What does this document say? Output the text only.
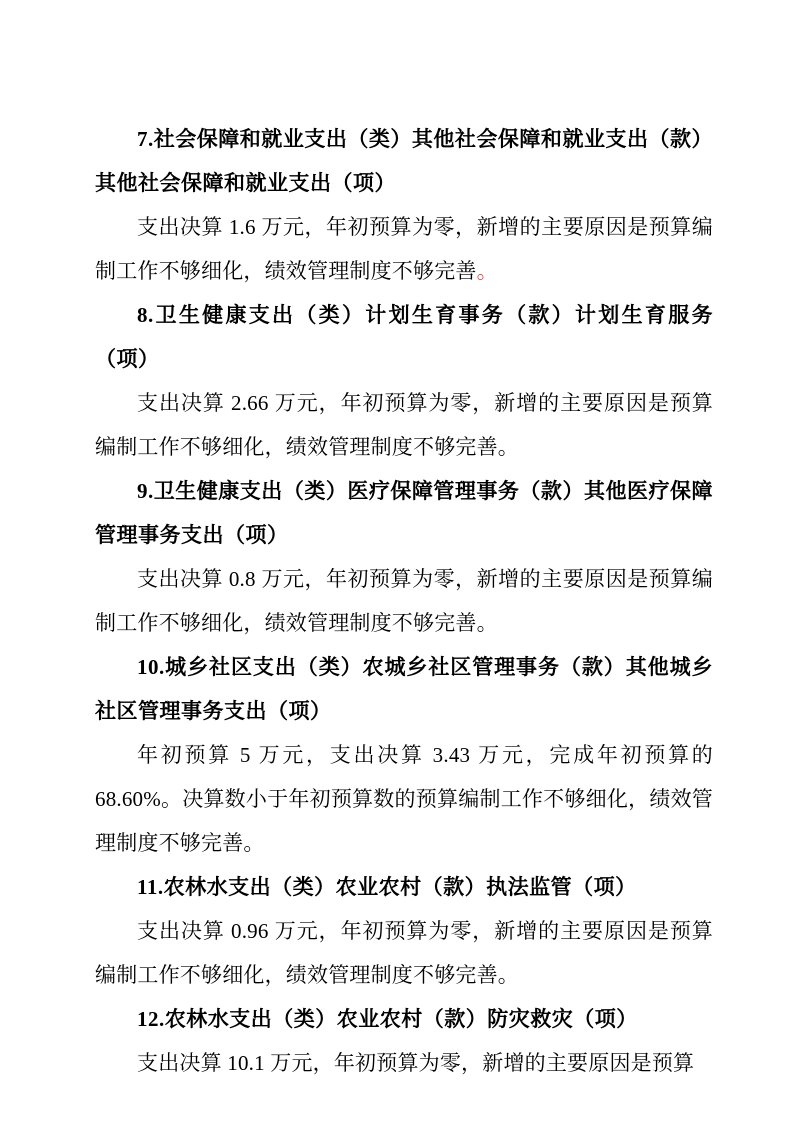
7.社会保障和就业支出（类）其他社会保障和就业支出（款）其他社会保障和就业支出（项）

支出决算 1.6 万元，年初预算为零，新增的主要原因是预算编制工作不够细化，绩效管理制度不够完善。

8.卫生健康支出（类）计划生育事务（款）计划生育服务（项）

支出决算 2.66 万元，年初预算为零，新增的主要原因是预算编制工作不够细化，绩效管理制度不够完善。

9.卫生健康支出（类）医疗保障管理事务（款）其他医疗保障管理事务支出（项）

支出决算 0.8 万元，年初预算为零，新增的主要原因是预算编制工作不够细化，绩效管理制度不够完善。

10.城乡社区支出（类）农城乡社区管理事务（款）其他城乡社区管理事务支出（项）

年初预算 5 万元，支出决算 3.43 万元，完成年初预算的 68.60%。决算数小于年初预算数的预算编制工作不够细化，绩效管理制度不够完善。

11.农林水支出（类）农业农村（款）执法监管（项）

支出决算 0.96 万元，年初预算为零，新增的主要原因是预算编制工作不够细化，绩效管理制度不够完善。

12.农林水支出（类）农业农村（款）防灾救灾（项）

支出决算 10.1 万元，年初预算为零，新增的主要原因是预算
